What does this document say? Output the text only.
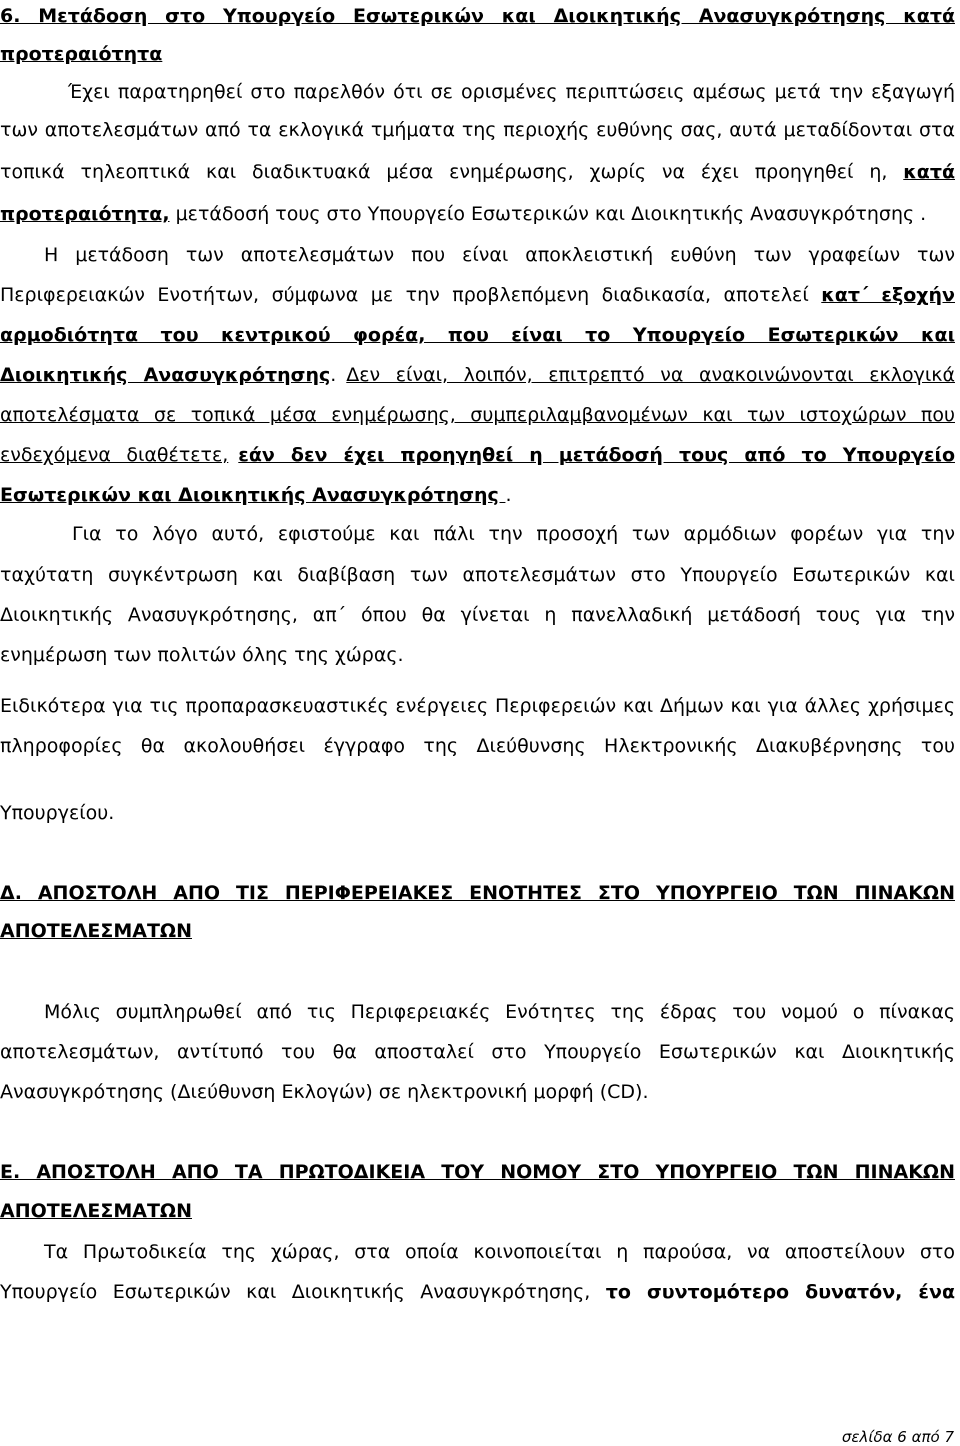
6. Μετάδοση στο Υπουργείο Εσωτερικών και Διοικητικής Ανασυγκρότησης κατά
προτεραιότητα
Έχει παρατηρηθεί στο παρελθόν ότι σε ορισμένες περιπτώσεις αμέσως μετά την εξαγωγή
των αποτελεσμάτων από τα εκλογικά τμήματα της περιοχής ευθύνης σας, αυτά μεταδίδονται στα
τοπικά τηλεοπτικά και διαδικτυακά μέσα ενημέρωσης, χωρίς να έχει προηγηθεί η, κατά
προτεραιότητα, μετάδοσή τους στο Υπουργείο Εσωτερικών και Διοικητικής Ανασυγκρότησης .
Η μετάδοση των αποτελεσμάτων που είναι αποκλειστική ευθύνη των γραφείων των
Περιφερειακών Ενοτήτων, σύμφωνα με την προβλεπόμενη διαδικασία, αποτελεί κατ΄ εξοχήν
αρμοδιότητα του κεντρικού φορέα, που είναι το Υπουργείο Εσωτερικών και
Διοικητικής Ανασυγκρότησης. Δεν είναι, λοιπόν, επιτρεπτό να ανακοινώνονται εκλογικά
αποτελέσματα σε τοπικά μέσα ενημέρωσης, συμπεριλαμβανομένων και των ιστοχώρων που
ενδεχόμενα διαθέτετε, εάν δεν έχει προηγηθεί η μετάδοσή τους από το Υπουργείο
Εσωτερικών και Διοικητικής Ανασυγκρότησης .
Για το λόγο αυτό, εφιστούμε και πάλι την προσοχή των αρμόδιων φορέων για την
ταχύτατη συγκέντρωση και διαβίβαση των αποτελεσμάτων στο Υπουργείο Εσωτερικών και
Διοικητικής Ανασυγκρότησης, απ΄ όπου θα γίνεται η πανελλαδική μετάδοσή τους για την
ενημέρωση των πολιτών όλης της χώρας.
Ειδικότερα για τις προπαρασκευαστικές ενέργειες Περιφερειών και Δήμων και για άλλες χρήσιμες
πληροφορίες θα ακολουθήσει έγγραφο της Διεύθυνσης Ηλεκτρονικής Διακυβέρνησης του
Υπουργείου.
Δ. ΑΠΟΣΤΟΛΗ ΑΠΟ ΤΙΣ ΠΕΡΙΦΕΡΕΙΑΚΕΣ ΕΝΟΤΗΤΕΣ ΣΤΟ ΥΠΟΥΡΓΕΙΟ ΤΩΝ ΠΙΝΑΚΩΝ
ΑΠΟΤΕΛΕΣΜΑΤΩΝ
Μόλις συμπληρωθεί από τις Περιφερειακές Ενότητες της έδρας του νομού ο πίνακας
αποτελεσμάτων, αντίτυπό του θα αποσταλεί στο Υπουργείο Εσωτερικών και Διοικητικής
Ανασυγκρότησης (Διεύθυνση Εκλογών) σε ηλεκτρονική μορφή (CD).
Ε. ΑΠΟΣΤΟΛΗ ΑΠΟ ΤΑ ΠΡΩΤΟΔΙΚΕΙΑ ΤΟΥ ΝΟΜΟΥ ΣΤΟ ΥΠΟΥΡΓΕΙΟ ΤΩΝ ΠΙΝΑΚΩΝ
ΑΠΟΤΕΛΕΣΜΑΤΩΝ
Τα Πρωτοδικεία της χώρας, στα οποία κοινοποιείται η παρούσα, να αποστείλουν στο
Υπουργείο Εσωτερικών και Διοικητικής Ανασυγκρότησης, το συντομότερο δυνατόν, ένα
σελίδα 6 από 7
